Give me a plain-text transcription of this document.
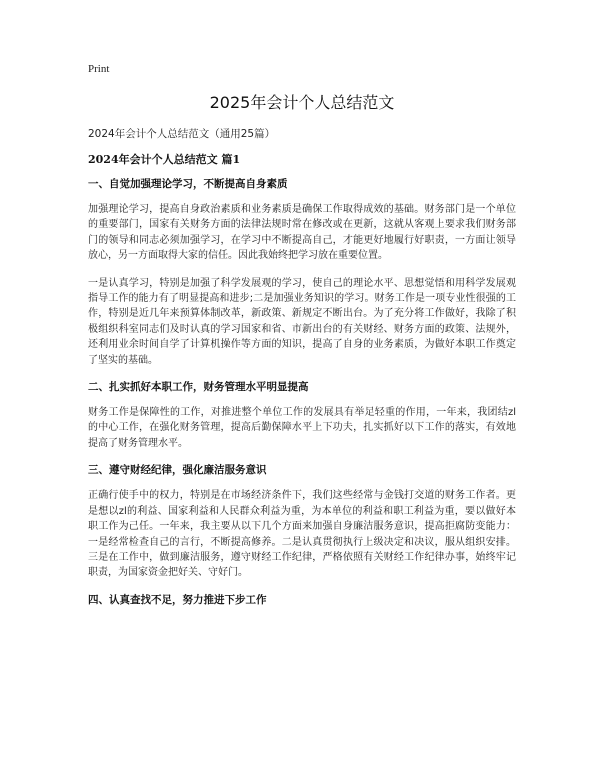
Print
2025年会计个人总结范文
2024年会计个人总结范文（通用25篇）
2024年会计个人总结范文 篇1
一、自觉加强理论学习，不断提高自身素质

加强理论学习，提高自身政治素质和业务素质是确保工作取得成效的基础。财务部门是一个单位的重要部门，国家有关财务方面的法律法规时常在修改或在更新，这就从客观上要求我们财务部门的领导和同志必须加强学习，在学习中不断提高自己，才能更好地履行好职责，一方面让领导放心，另一方面取得大家的信任。因此我始终把学习放在重要位置。

一是认真学习，特别是加强了科学发展观的学习，使自己的理论水平、思想觉悟和用科学发展观指导工作的能力有了明显提高和进步;二是加强业务知识的学习。财务工作是一项专业性很强的工作，特别是近几年来预算体制改革，新政策、新规定不断出台。为了充分将工作做好，我除了积极组织科室同志们及时认真的学习国家和省、市新出台的有关财经、财务方面的政策、法规外，还利用业余时间自学了计算机操作等方面的知识，提高了自身的业务素质，为做好本职工作奠定了坚实的基础。

二、扎实抓好本职工作，财务管理水平明显提高

财务工作是保障性的工作，对推进整个单位工作的发展具有举足轻重的作用，一年来，我团结zl的中心工作，在强化财务管理，提高后勤保障水平上下功夫，扎实抓好以下工作的落实，有效地提高了财务管理水平。

三、遵守财经纪律，强化廉洁服务意识

正确行使手中的权力，特别是在市场经济条件下，我们这些经常与金钱打交道的财务工作者。更是想以zl的利益、国家利益和人民群众利益为重，为本单位的利益和职工利益为重，要以做好本职工作为己任。一年来，我主要从以下几个方面来加强自身廉洁服务意识，提高拒腐防变能力：一是经常检查自己的言行，不断提高修养。二是认真贯彻执行上级决定和决议，服从组织安排。三是在工作中，做到廉洁服务，遵守财经工作纪律，严格依照有关财经工作纪律办事，始终牢记职责，为国家资金把好关、守好门。

四、认真查找不足，努力推进下步工作
